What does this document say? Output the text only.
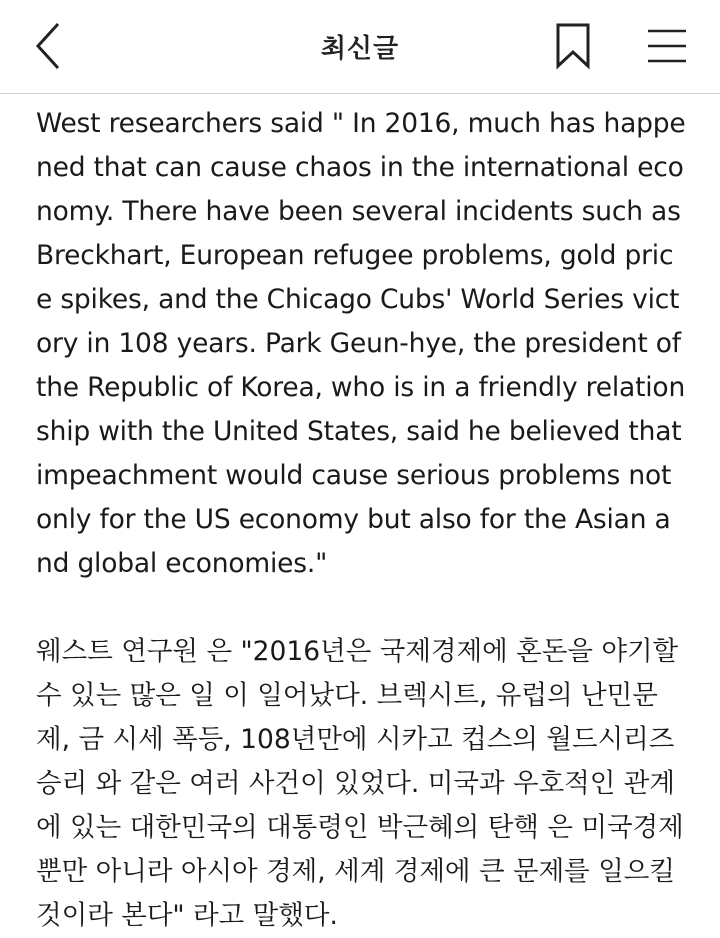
최신글

West researchers said " In 2016, much has happened that can cause chaos in the international economy. There have been several incidents such as Breckhart, European refugee problems, gold price spikes, and the Chicago Cubs' World Series victory in 108 years. Park Geun-hye, the president of the Republic of Korea, who is in a friendly relationship with the United States, said he believed that impeachment would cause serious problems not only for the US economy but also for the Asian and global economies."

웨스트 연구원 은 "2016년은 국제경제에 혼돈을 야기할수 있는 많은 일 이 일어났다. 브렉시트, 유럽의 난민문제, 금 시세 폭등, 108년만에 시카고 컵스의 월드시리즈 승리 와 같은 여러 사건이 있었다. 미국과 우호적인 관계에 있는 대한민국의 대통령인 박근혜의 탄핵 은 미국경제 뿐만 아니라 아시아 경제, 세계 경제에 큰 문제를 일으킬 것이라 본다" 라고 말했다.
